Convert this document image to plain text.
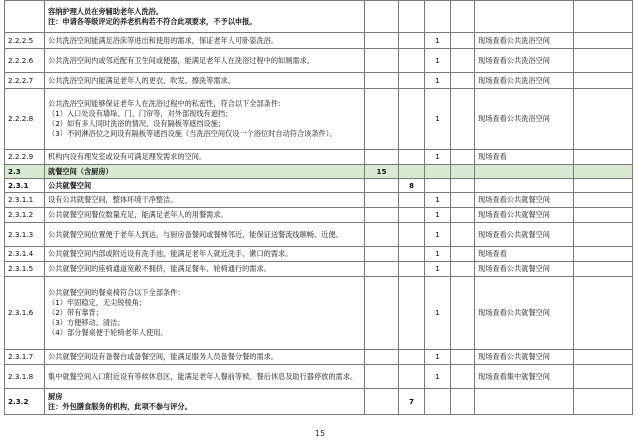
	容纳护理人员在旁辅助老年人洗浴。
注：申请各等级评定的养老机构若不符合此项要求，不予以申报。						

2.2.2.5	公共洗浴空间能满足浴床等进出和使用的需求，保证老年人可卧姿洗浴。			1		现场查看公共洗浴空间	
2.2.2.6	公共洗浴空间内或邻近配有卫生间或便器，能满足老年人在洗浴过程中的如厕需求。			1		现场查看公共洗浴空间	
2.2.2.7	公共洗浴空间内能满足老年人的更衣、吹发、擦洗等需求。			1		现场查看公共洗浴空间	
2.2.2.8	公共洗浴空间能够保证老年人在洗浴过程中的私密性，符合以下全部条件：
（1）入口处设有墙垛、门、门帘等，对外部视线有遮挡；
（2）如有多人同时洗浴的情况，设有隔板等遮挡设施；
（3）不同淋浴位之间设有隔板等遮挡设施（当洗浴空间仅设一个浴位时自动符合该条件）。			1		现场查看公共洗浴空间	
2.2.2.9	机构内设有理发室或设有可满足理发需求的空间。			1		现场查看	
2.3	就餐空间（含厨房）	15					
2.3.1	公共就餐空间		8				
2.3.1.1	设有公共就餐空间，整体环境干净整洁。			1		现场查看公共就餐空间	
2.3.1.2	公共就餐空间餐位数量充足，能满足老年人的用餐需求。			1		现场查看公共就餐空间	
2.3.1.3	公共就餐空间位置便于老年人到达，与厨房备餐间或餐梯邻近，能保证送餐流线顺畅、近便。			1		现场查看公共就餐空间	
2.3.1.4	公共就餐空间内部或附近设有洗手池，能满足老年人就近洗手、漱口的需求。			1		现场查看	
2.3.1.5	公共就餐空间的座椅通道宽敞不拥挤，能满足餐车、轮椅通行的需求。			1		现场查看公共就餐空间	
2.3.1.6	公共就餐空间的餐桌椅符合以下全部条件：
（1）牢固稳定，无尖锐棱角；
（2）带有靠背；
（3）方便移动、清洁；
（4）部分餐桌便于轮椅老年人使用。			1		现场查看公共就餐空间	
2.3.1.7	公共就餐空间设有备餐台或备餐空间，能满足服务人员备餐分餐的需求。			1		现场查看公共就餐空间	
2.3.1.8	集中就餐空间入口附近设有等候休息区，能满足老年人餐前等候、餐后休息及助行器停放的需求。			1		现场查看集中就餐空间	
2.3.2	厨房
注：外包膳食服务的机构，此项不参与评分。		7				
15
